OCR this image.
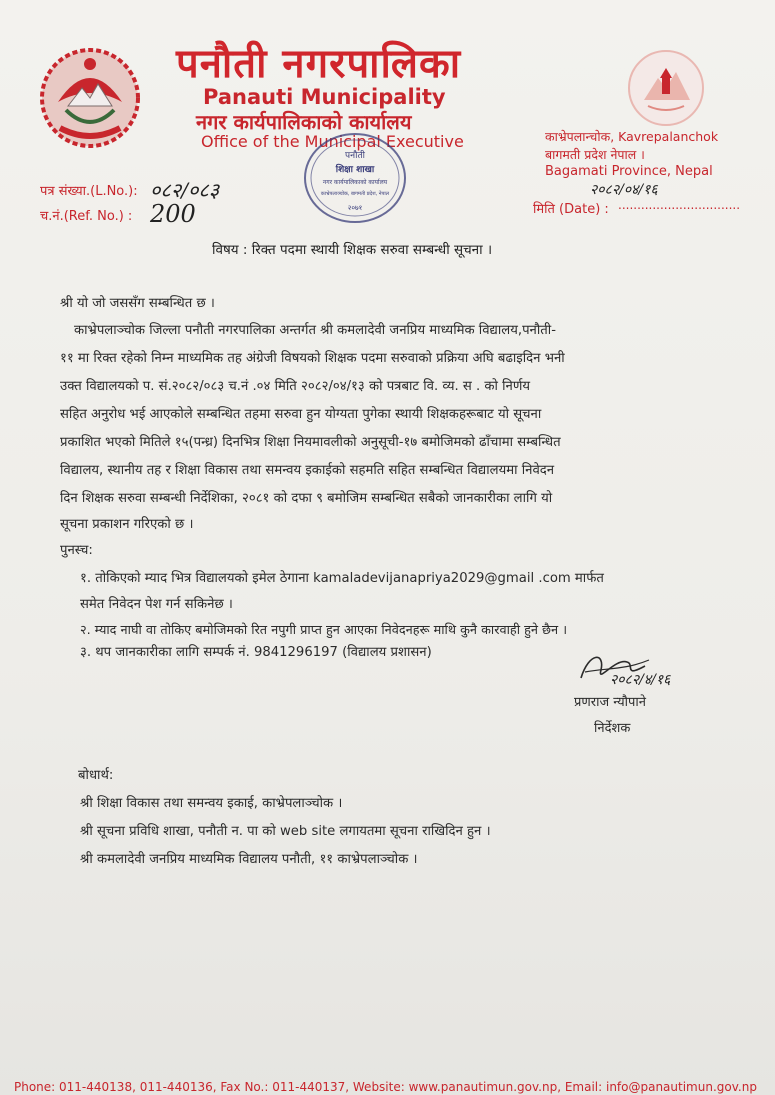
पनौती नगरपालिका
Panauti Municipality
नगर कार्यपालिकाको कार्यालय
Office of the Municipal Executive	काभ्रेपलान्चोक, Kavrepalanchok
बागमती प्रदेश नेपाल ।
Bagamati Province, Nepal
पनौती
शिक्षा शाखा
नगर कार्यपालिकाको कार्यालय
काभ्रेपलाञ्चोक, बागमती प्रदेश, नेपाल
२०७१
पत्र संख्या.(L.No.): ०८२/०८३
च.नं.(Ref. No.) : 200
२०८२/०४/१६
मिति (Date) : ................................
विषय : रिक्त पदमा स्थायी शिक्षक सरुवा सम्बन्धी सूचना ।
श्री यो जो जससँग सम्बन्धित छ ।
काभ्रेपलाञ्चोक जिल्ला पनौती नगरपालिका अन्तर्गत श्री कमलादेवी जनप्रिय माध्यमिक विद्यालय,पनौती-
११ मा रिक्त रहेको निम्न माध्यमिक तह अंग्रेजी विषयको शिक्षक पदमा सरुवाको प्रक्रिया अघि बढाइदिन भनी
उक्त विद्यालयको प. सं.२०८२/०८३ च.नं .०४ मिति २०८२/०४/१३ को पत्रबाट वि. व्य. स . को निर्णय
सहित अनुरोध भई आएकोले सम्बन्धित तहमा सरुवा हुन योग्यता पुगेका स्थायी शिक्षकहरूबाट यो सूचना
प्रकाशित भएको मितिले १५(पन्ध्र) दिनभित्र शिक्षा नियमावलीको अनुसूची-१७ बमोजिमको ढाँचामा सम्बन्धित
विद्यालय, स्थानीय तह र शिक्षा विकास तथा समन्वय इकाईको सहमति सहित सम्बन्धित विद्यालयमा निवेदन
दिन शिक्षक सरुवा सम्बन्धी निर्देशिका, २०८१ को दफा ९ बमोजिम सम्बन्धित सबैको जानकारीका लागि यो
सूचना प्रकाशन गरिएको छ ।
पुनस्च:
१. तोकिएको म्याद भित्र विद्यालयको इमेल ठेगाना kamaladevijanapriya2029@gmail .com मार्फत
समेत निवेदन पेश गर्न सकिनेछ ।
२. म्याद नाघी वा तोकिए बमोजिमको रित नपुगी प्राप्त हुन आएका निवेदनहरू माथि कुनै कारवाही हुने छैन ।
३. थप जानकारीका लागि सम्पर्क नं. 9841296197 (विद्यालय प्रशासन)
२०८२/४/१६
प्रणराज न्यौपाने
निर्देशक
बोधार्थ:
श्री शिक्षा विकास तथा समन्वय इकाई, काभ्रेपलाञ्चोक ।
श्री सूचना प्रविधि शाखा, पनौती न. पा को web site लगायतमा सूचना राखिदिन हुन ।
श्री कमलादेवी जनप्रिय माध्यमिक विद्यालय पनौती, ११ काभ्रेपलाञ्चोक ।
Phone: 011-440138, 011-440136, Fax No.: 011-440137, Website: www.panautimun.gov.np, Email: info@panautimun.gov.np
